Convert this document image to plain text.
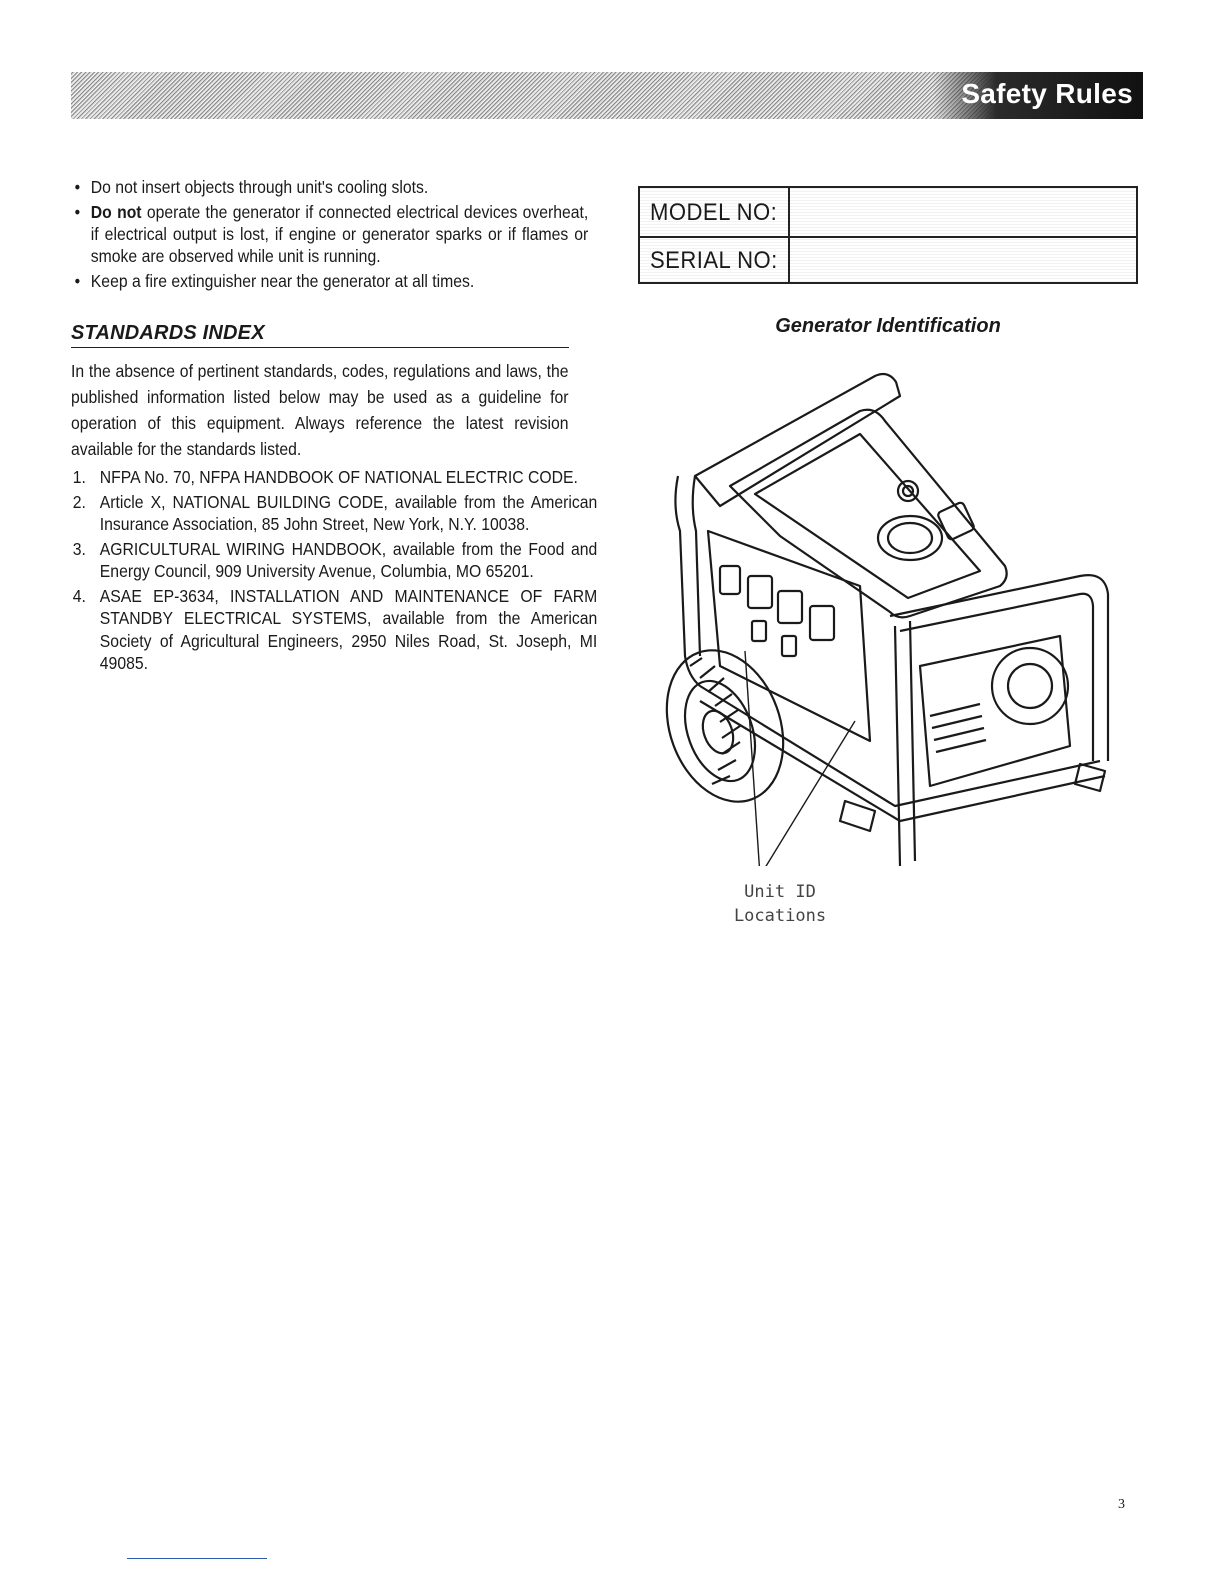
Safety Rules
• Do not insert objects through unit's cooling slots.
• Do not operate the generator if connected electrical devices overheat, if electrical output is lost, if engine or generator sparks or if flames or smoke are observed while unit is running.
• Keep a fire extinguisher near the generator at all times.
STANDARDS INDEX
In the absence of pertinent standards, codes, regulations and laws, the published information listed below may be used as a guideline for operation of this equipment. Always reference the latest revision available for the standards listed.
1. NFPA No. 70, NFPA HANDBOOK OF NATIONAL ELECTRIC CODE.
2. Article X, NATIONAL BUILDING CODE, available from the American Insurance Association, 85 John Street, New York, N.Y. 10038.
3. AGRICULTURAL WIRING HANDBOOK, available from the Food and Energy Council, 909 University Avenue, Columbia, MO 65201.
4. ASAE EP-3634, INSTALLATION AND MAINTENANCE OF FARM STANDBY ELECTRICAL SYSTEMS, available from the American Society of Agricultural Engineers, 2950 Niles Road, St. Joseph, MI 49085.
MODEL NO:
SERIAL NO:
Generator Identification
Unit ID
Locations
3
